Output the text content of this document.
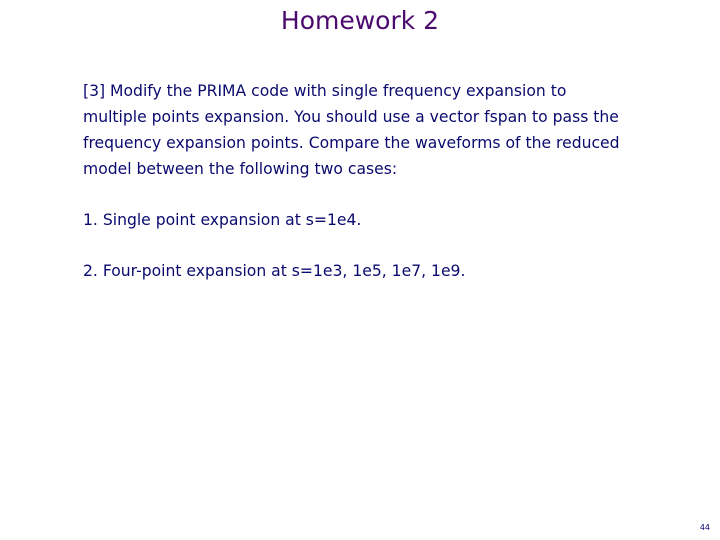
Homework 2

[3] Modify the PRIMA code with single frequency expansion to
multiple points expansion. You should use a vector fspan to pass the
frequency expansion points. Compare the waveforms of the reduced
model between the following two cases:

1. Single point expansion at s=1e4.

2. Four-point expansion at s=1e3, 1e5, 1e7, 1e9.

44
